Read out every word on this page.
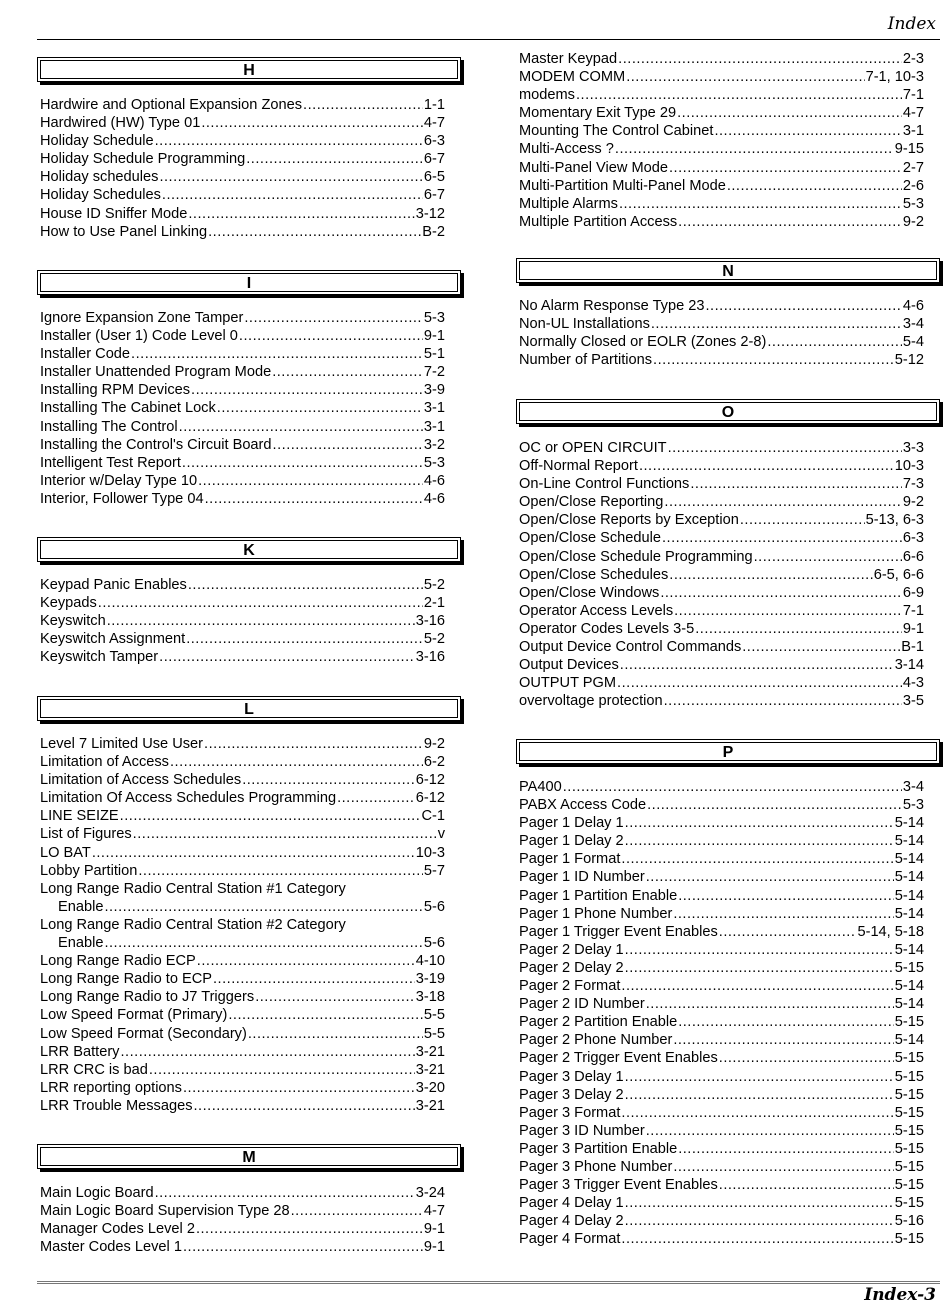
Index
H
Hardwire and Optional Expansion Zones .....	1-1
Hardwired (HW) Type 01 .....	4-7
Holiday Schedule .....	6-3
Holiday Schedule Programming .....	6-7
Holiday schedules .....	6-5
Holiday Schedules .....	6-7
House ID Sniffer Mode .....	3-12
How to Use Panel Linking .....	B-2
I
Ignore Expansion Zone Tamper .....	5-3
Installer (User 1) Code Level 0 .....	9-1
Installer Code .....	5-1
Installer Unattended Program Mode .....	7-2
Installing RPM Devices .....	3-9
Installing The Cabinet Lock .....	3-1
Installing The Control .....	3-1
Installing the Control's Circuit Board .....	3-2
Intelligent Test Report .....	5-3
Interior w/Delay Type 10 .....	4-6
Interior, Follower Type 04 .....	4-6
K
Keypad Panic Enables .....	5-2
Keypads .....	2-1
Keyswitch .....	3-16
Keyswitch Assignment .....	5-2
Keyswitch Tamper .....	3-16
L
Level 7 Limited Use User .....	9-2
Limitation of Access .....	6-2
Limitation of Access Schedules .....	6-12
Limitation Of Access Schedules Programming .....	6-12
LINE SEIZE .....	C-1
List of Figures .....	v
LO BAT .....	10-3
Lobby Partition .....	5-7
Long Range Radio Central Station #1 Category
Enable .....	5-6
Long Range Radio Central Station #2 Category
Enable .....	5-6
Long Range Radio ECP .....	4-10
Long Range Radio to ECP .....	3-19
Long Range Radio to J7 Triggers .....	3-18
Low Speed Format (Primary) .....	5-5
Low Speed Format (Secondary) .....	5-5
LRR Battery .....	3-21
LRR CRC is bad .....	3-21
LRR reporting options .....	3-20
LRR Trouble Messages .....	3-21
M
Main Logic Board .....	3-24
Main Logic Board Supervision Type 28 .....	4-7
Manager Codes Level 2 .....	9-1
Master Codes Level 1 .....	9-1
Master Keypad .....	2-3
MODEM COMM .....	7-1, 10-3
modems .....	7-1
Momentary Exit Type 29 .....	4-7
Mounting The Control Cabinet .....	3-1
Multi-Access ? .....	9-15
Multi-Panel View Mode .....	2-7
Multi-Partition Multi-Panel Mode .....	2-6
Multiple Alarms .....	5-3
Multiple Partition Access .....	9-2
N
No Alarm Response Type 23 .....	4-6
Non-UL Installations .....	3-4
Normally Closed or EOLR (Zones 2-8) .....	5-4
Number of Partitions .....	5-12
O
OC or OPEN CIRCUIT .....	3-3
Off-Normal Report .....	10-3
On-Line Control Functions .....	7-3
Open/Close Reporting .....	9-2
Open/Close Reports by Exception .....	5-13, 6-3
Open/Close Schedule .....	6-3
Open/Close Schedule Programming .....	6-6
Open/Close Schedules .....	6-5, 6-6
Open/Close Windows .....	6-9
Operator Access Levels .....	7-1
Operator Codes Levels 3-5 .....	9-1
Output Device Control Commands .....	B-1
Output Devices .....	3-14
OUTPUT PGM .....	4-3
overvoltage protection .....	3-5
P
PA400 .....	3-4
PABX Access Code .....	5-3
Pager 1 Delay 1 .....	5-14
Pager 1 Delay 2 .....	5-14
Pager 1 Format .....	5-14
Pager 1 ID Number .....	5-14
Pager 1 Partition Enable .....	5-14
Pager 1 Phone Number .....	5-14
Pager 1 Trigger Event Enables .....	5-14, 5-18
Pager 2 Delay 1 .....	5-14
Pager 2 Delay 2 .....	5-15
Pager 2 Format .....	5-14
Pager 2 ID Number .....	5-14
Pager 2 Partition Enable .....	5-15
Pager 2 Phone Number .....	5-14
Pager 2 Trigger Event Enables .....	5-15
Pager 3 Delay 1 .....	5-15
Pager 3 Delay 2 .....	5-15
Pager 3 Format .....	5-15
Pager 3 ID Number .....	5-15
Pager 3 Partition Enable .....	5-15
Pager 3 Phone Number .....	5-15
Pager 3 Trigger Event Enables .....	5-15
Pager 4 Delay 1 .....	5-15
Pager 4 Delay 2 .....	5-16
Pager 4 Format .....	5-15
Index-3
